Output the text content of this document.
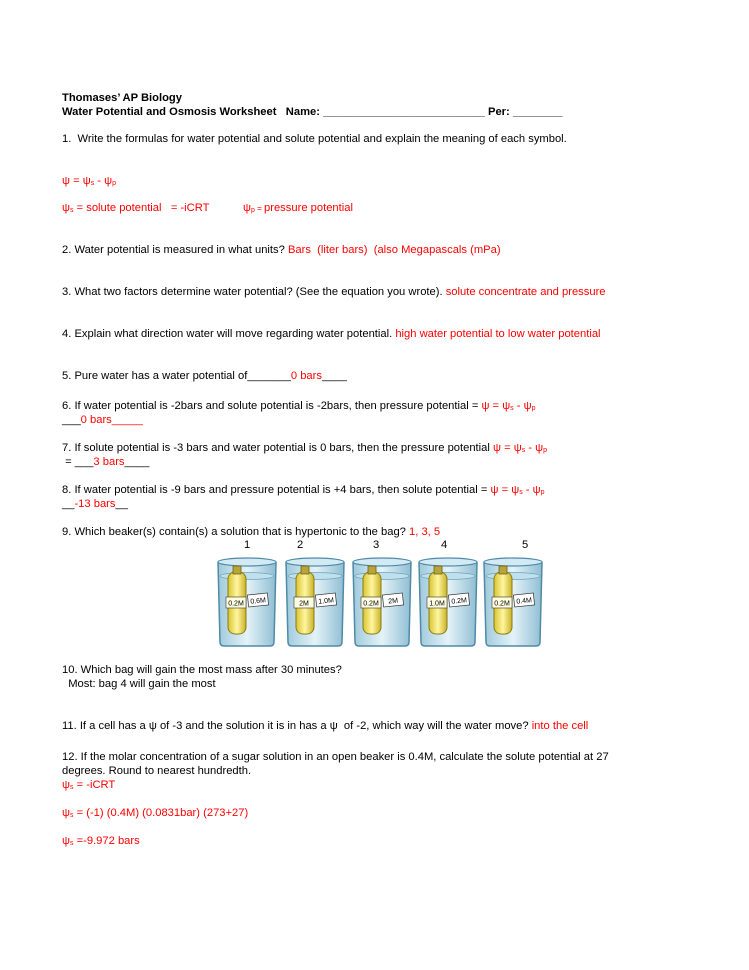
Thomases’ AP Biology
Water Potential and Osmosis Worksheet   Name: __________________________ Per: ________
1.  Write the formulas for water potential and solute potential and explain the meaning of each symbol.
$\psi = \psi_s - \psi_p$
$\psi_s$ = solute potential   = -iCRT	$\psi_p$ = pressure potential
2. Water potential is measured in what units? Bars  (liter bars)  (also Megapascals (mPa)
3. What two factors determine water potential? (See the equation you wrote). solute concentrate and pressure
4. Explain what direction water will move regarding water potential. high water potential to low water potential
5. Pure water has a water potential of_______0 bars____
6. If water potential is -2bars and solute potential is -2bars, then pressure potential = $\psi = \psi_s - \psi_p$
___0 bars_____
7. If solute potential is -3 bars and water potential is 0 bars, then the pressure potential $\psi = \psi_s - \psi_p$
= ___3 bars____
8. If water potential is -9 bars and pressure potential is +4 bars, then solute potential = $\psi = \psi_s - \psi_p$
__-13 bars__
9. Which beaker(s) contain(s) a solution that is hypertonic to the bag? 1, 3, 5
1	2	3	4	5
0.2M 0.6M	2M 1.0M	0.2M 2M	1.0M 0.2M	0.2M 0.4M
10. Which bag will gain the most mass after 30 minutes?
Most: bag 4 will gain the most
11. If a cell has a ψ of -3 and the solution it is in has a ψ  of -2, which way will the water move? into the cell
12. If the molar concentration of a sugar solution in an open beaker is 0.4M, calculate the solute potential at 27
degrees. Round to nearest hundredth.
$\psi_s$ = -iCRT
$\psi_s = (-1)$ (0.4M) (0.0831bar) (273+27)
$\psi_s =-9.972$ bars
